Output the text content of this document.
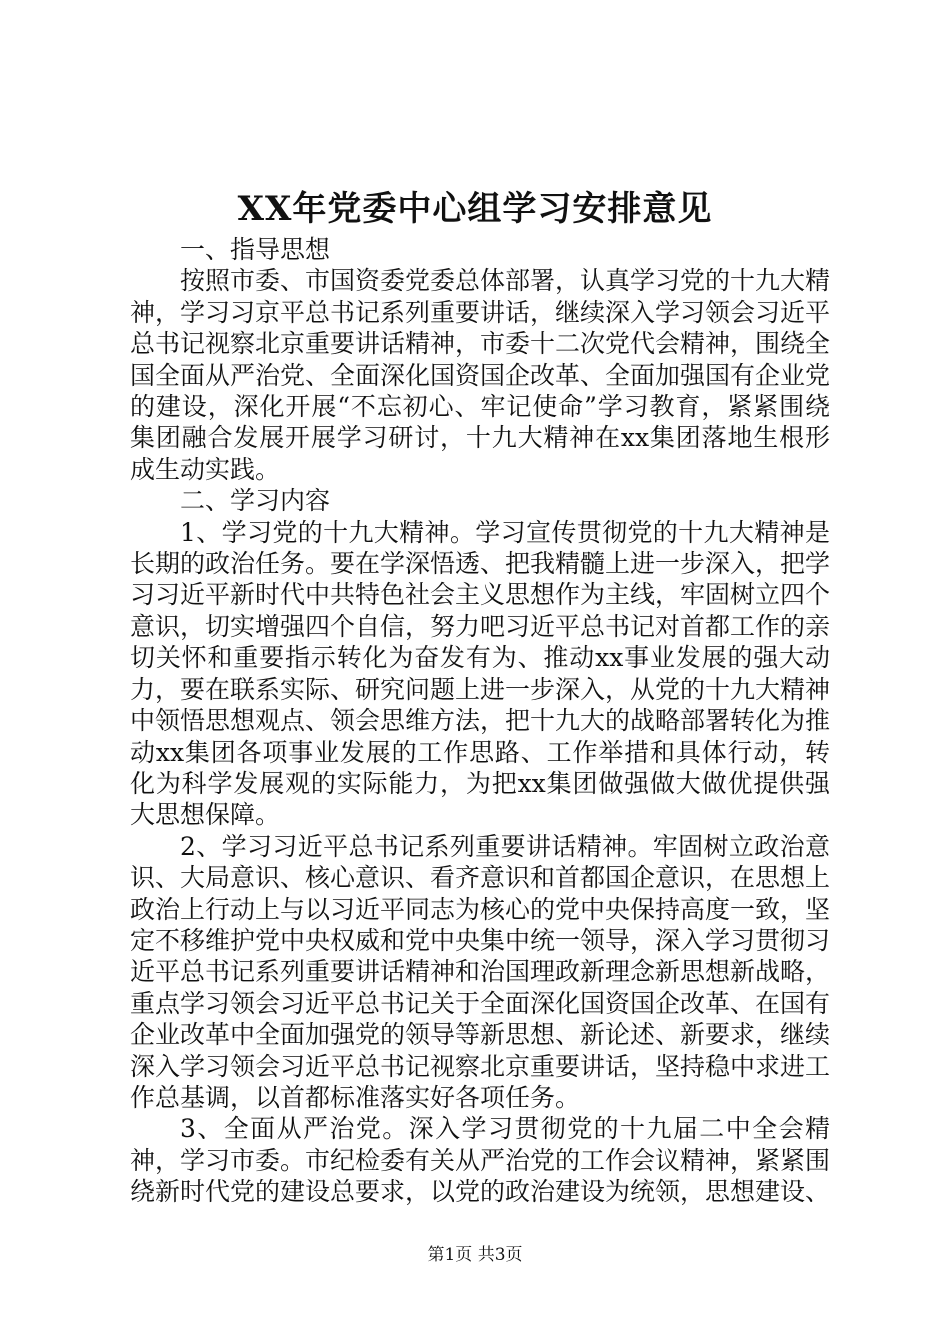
XX年党委中心组学习安排意见

一、指导思想

按照市委、市国资委党委总体部署，认真学习党的十九大精神，学习习京平总书记系列重要讲话，继续深入学习领会习近平总书记视察北京重要讲话精神，市委十二次党代会精神，围绕全国全面从严治党、全面深化国资国企改革、全面加强国有企业党的建设，深化开展“不忘初心、牢记使命”学习教育，紧紧围绕集团融合发展开展学习研讨，十九大精神在xx集团落地生根形成生动实践。

二、学习内容

1、学习党的十九大精神。学习宣传贯彻党的十九大精神是长期的政治任务。要在学深悟透、把我精髓上进一步深入，把学习习近平新时代中共特色社会主义思想作为主线，牢固树立四个意识，切实增强四个自信，努力吧习近平总书记对首都工作的亲切关怀和重要指示转化为奋发有为、推动xx事业发展的强大动力，要在联系实际、研究问题上进一步深入，从党的十九大精神中领悟思想观点、领会思维方法，把十九大的战略部署转化为推动xx集团各项事业发展的工作思路、工作举措和具体行动，转化为科学发展观的实际能力，为把xx集团做强做大做优提供强大思想保障。

2、学习习近平总书记系列重要讲话精神。牢固树立政治意识、大局意识、核心意识、看齐意识和首都国企意识，在思想上政治上行动上与以习近平同志为核心的党中央保持高度一致，坚定不移维护党中央权威和党中央集中统一领导，深入学习贯彻习近平总书记系列重要讲话精神和治国理政新理念新思想新战略，重点学习领会习近平总书记关于全面深化国资国企改革、在国有企业改革中全面加强党的领导等新思想、新论述、新要求，继续深入学习领会习近平总书记视察北京重要讲话，坚持稳中求进工作总基调，以首都标准落实好各项任务。

3、全面从严治党。深入学习贯彻党的十九届二中全会精神，学习市委。市纪检委有关从严治党的工作会议精神，紧紧围绕新时代党的建设总要求，以党的政治建设为统领，思想建设、

第1页 共3页
